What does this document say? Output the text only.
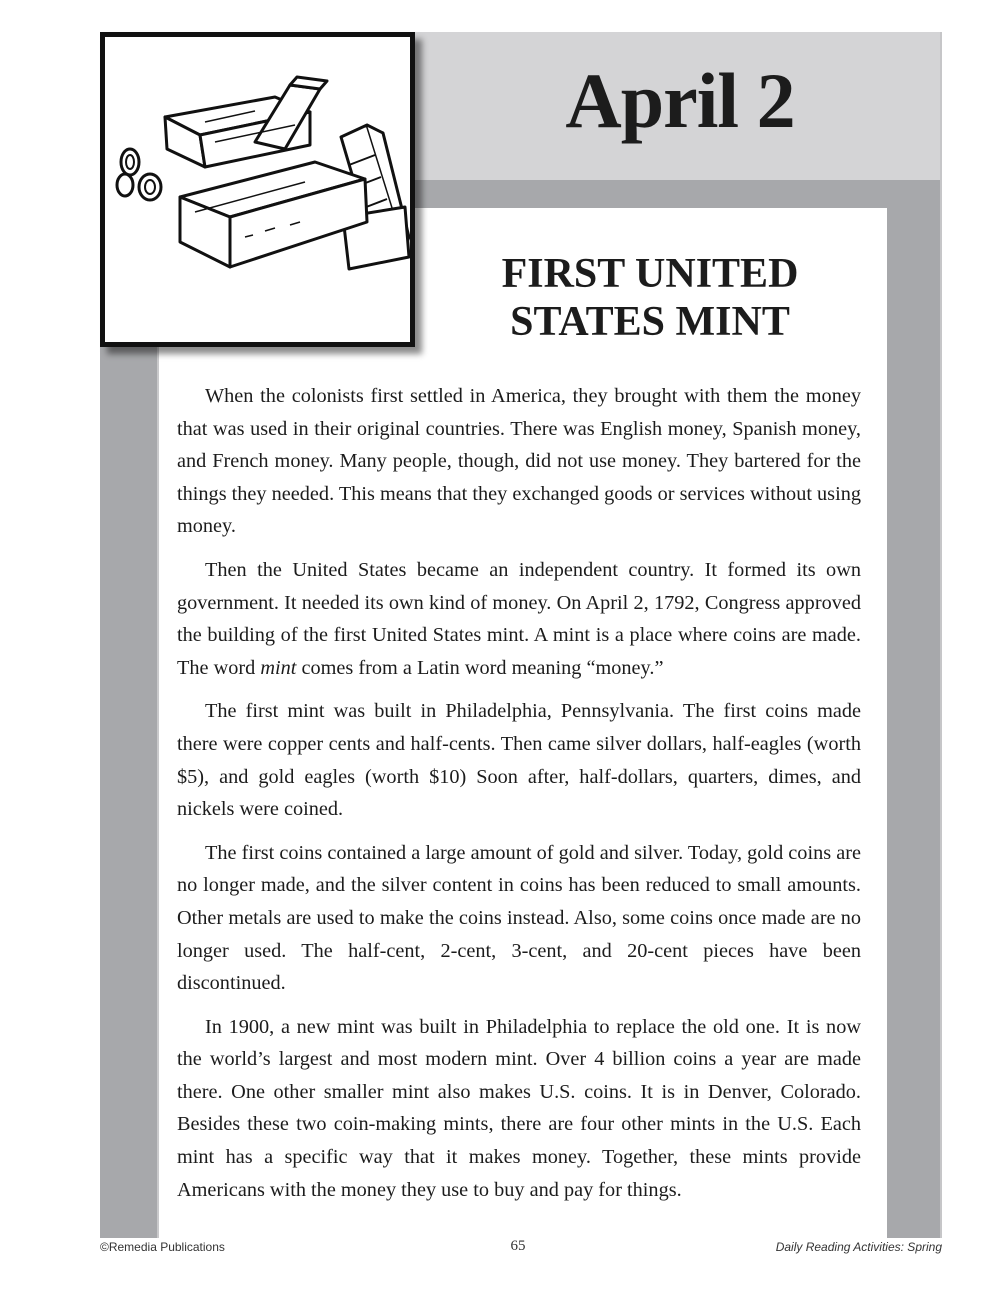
April 2
FIRST UNITED
STATES MINT

When the colonists first settled in America, they brought with them the money that was used in their original countries. There was English money, Spanish money, and French money. Many people, though, did not use money. They bartered for the things they needed. This means that they exchanged goods or services without using money.

Then the United States became an independent country. It formed its own government. It needed its own kind of money. On April 2, 1792, Congress approved the building of the first United States mint. A mint is a place where coins are made. The word mint comes from a Latin word meaning “money.”

The first mint was built in Philadelphia, Pennsylvania. The first coins made there were copper cents and half-cents. Then came silver dollars, half-eagles (worth $5), and gold eagles (worth $10) Soon after, half-dollars, quarters, dimes, and nickels were coined.

The first coins contained a large amount of gold and silver. Today, gold coins are no longer made, and the silver content in coins has been reduced to small amounts. Other metals are used to make the coins instead. Also, some coins once made are no longer used. The half-cent, 2-cent, 3-cent, and 20-cent pieces have been discontinued.

In 1900, a new mint was built in Philadelphia to replace the old one. It is now the world’s largest and most modern mint. Over 4 billion coins a year are made there. One other smaller mint also makes U.S. coins. It is in Denver, Colorado. Besides these two coin-making mints, there are four other mints in the U.S. Each mint has a specific way that it makes money. Together, these mints provide Americans with the money they use to buy and pay for things.

©Remedia Publications	65	Daily Reading Activities: Spring
